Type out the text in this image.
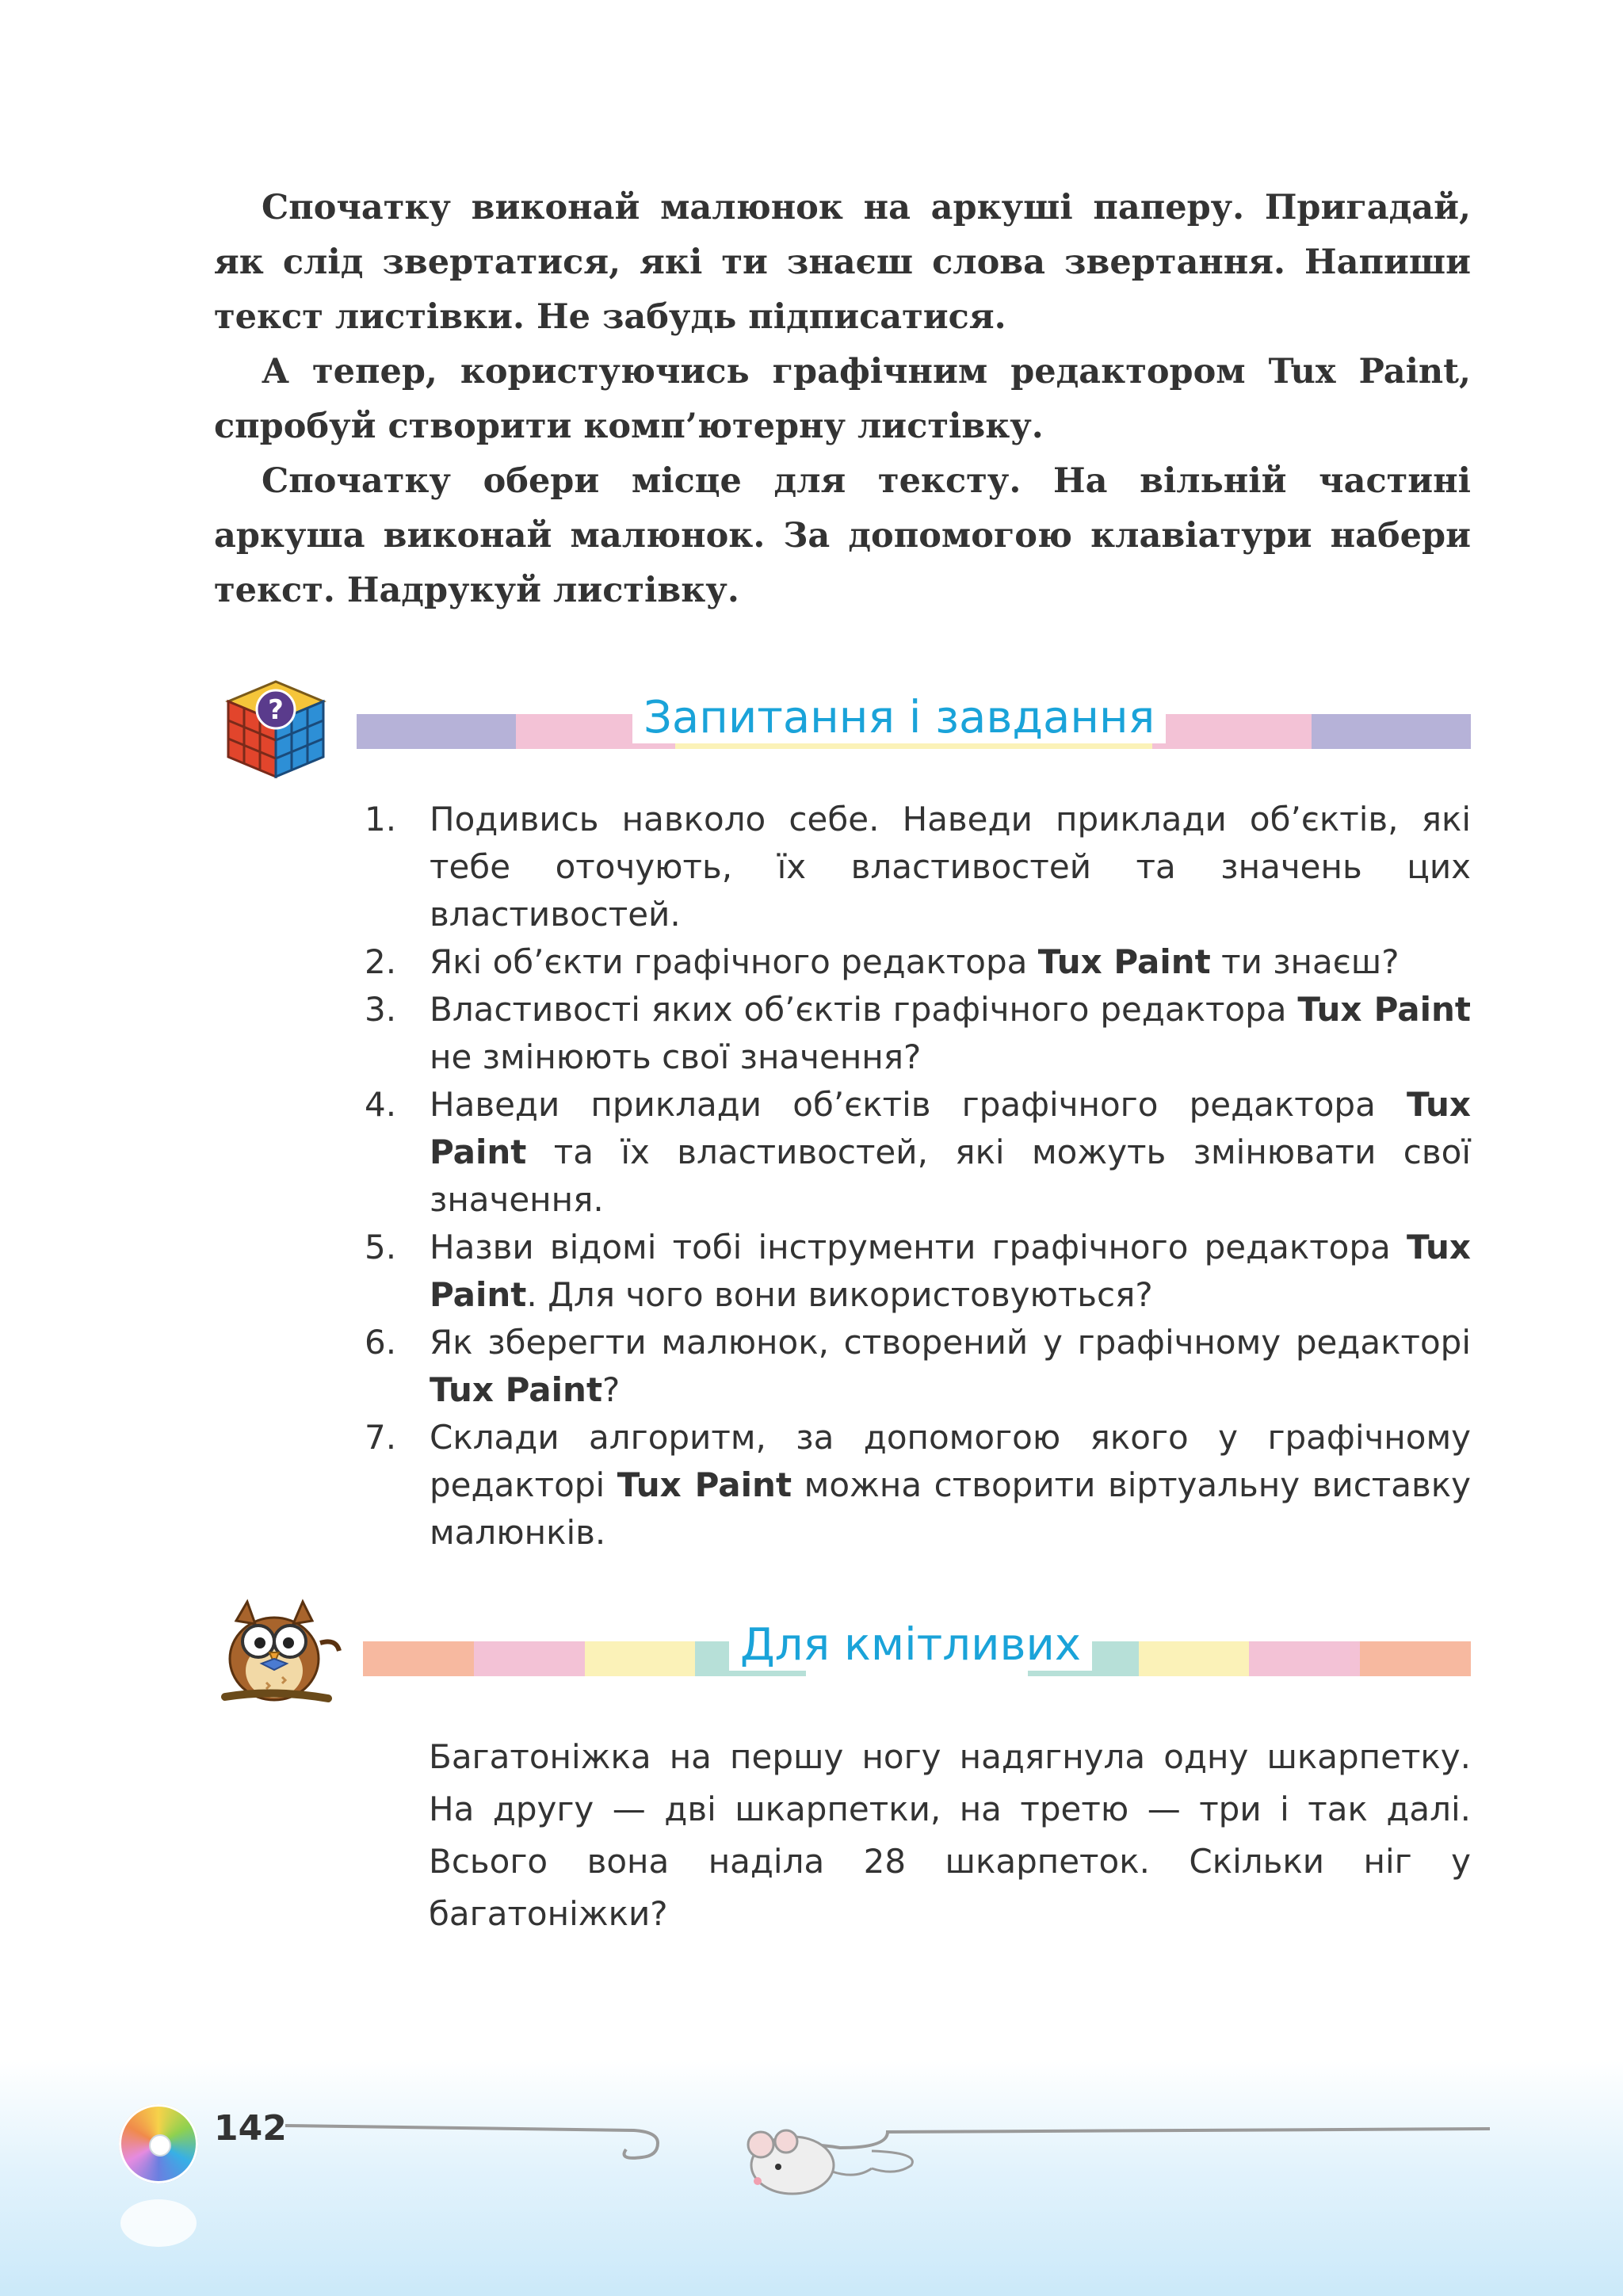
Спочатку виконай малюнок на аркуші паперу. Пригадай, як слід звертатися, які ти знаєш слова звертання. Напиши текст листівки. Не забудь підписатися.

А тепер, користуючись графічним редактором Tux Paint, спробуй створити комп’ютерну листівку.

Спочатку обери місце для тексту. На вільній частині аркуша виконай малюнок. За допомогою клавіатури набери текст. Надрукуй листівку.

?	Запитання і завдання
1. Подивись навколо себе. Наведи приклади об’єктів, які тебе оточують, їх властивостей та значень цих властивостей.
2. Які об’єкти графічного редактора Tux Paint ти знаєш?
3. Властивості яких об’єктів графічного редактора Tux Paint не змінюють свої значення?
4. Наведи приклади об’єктів графічного редактора Tux Paint та їх властивостей, які можуть змінювати свої значення.
5. Назви відомі тобі інструменти графічного редактора Tux Paint. Для чого вони використовуються?
6. Як зберегти малюнок, створений у графічному редакторі Tux Paint?
7. Склади алгоритм, за допомогою якого у графічному редакторі Tux Paint можна створити віртуальну виставку малюнків.
Для кмітливих

Багатоніжка на першу ногу надягнула одну шкарпетку. На другу — дві шкарпетки, на третю — три і так далі. Всього вона наділа 28 шкарпеток. Скільки ніг у багатоніжки?

142
